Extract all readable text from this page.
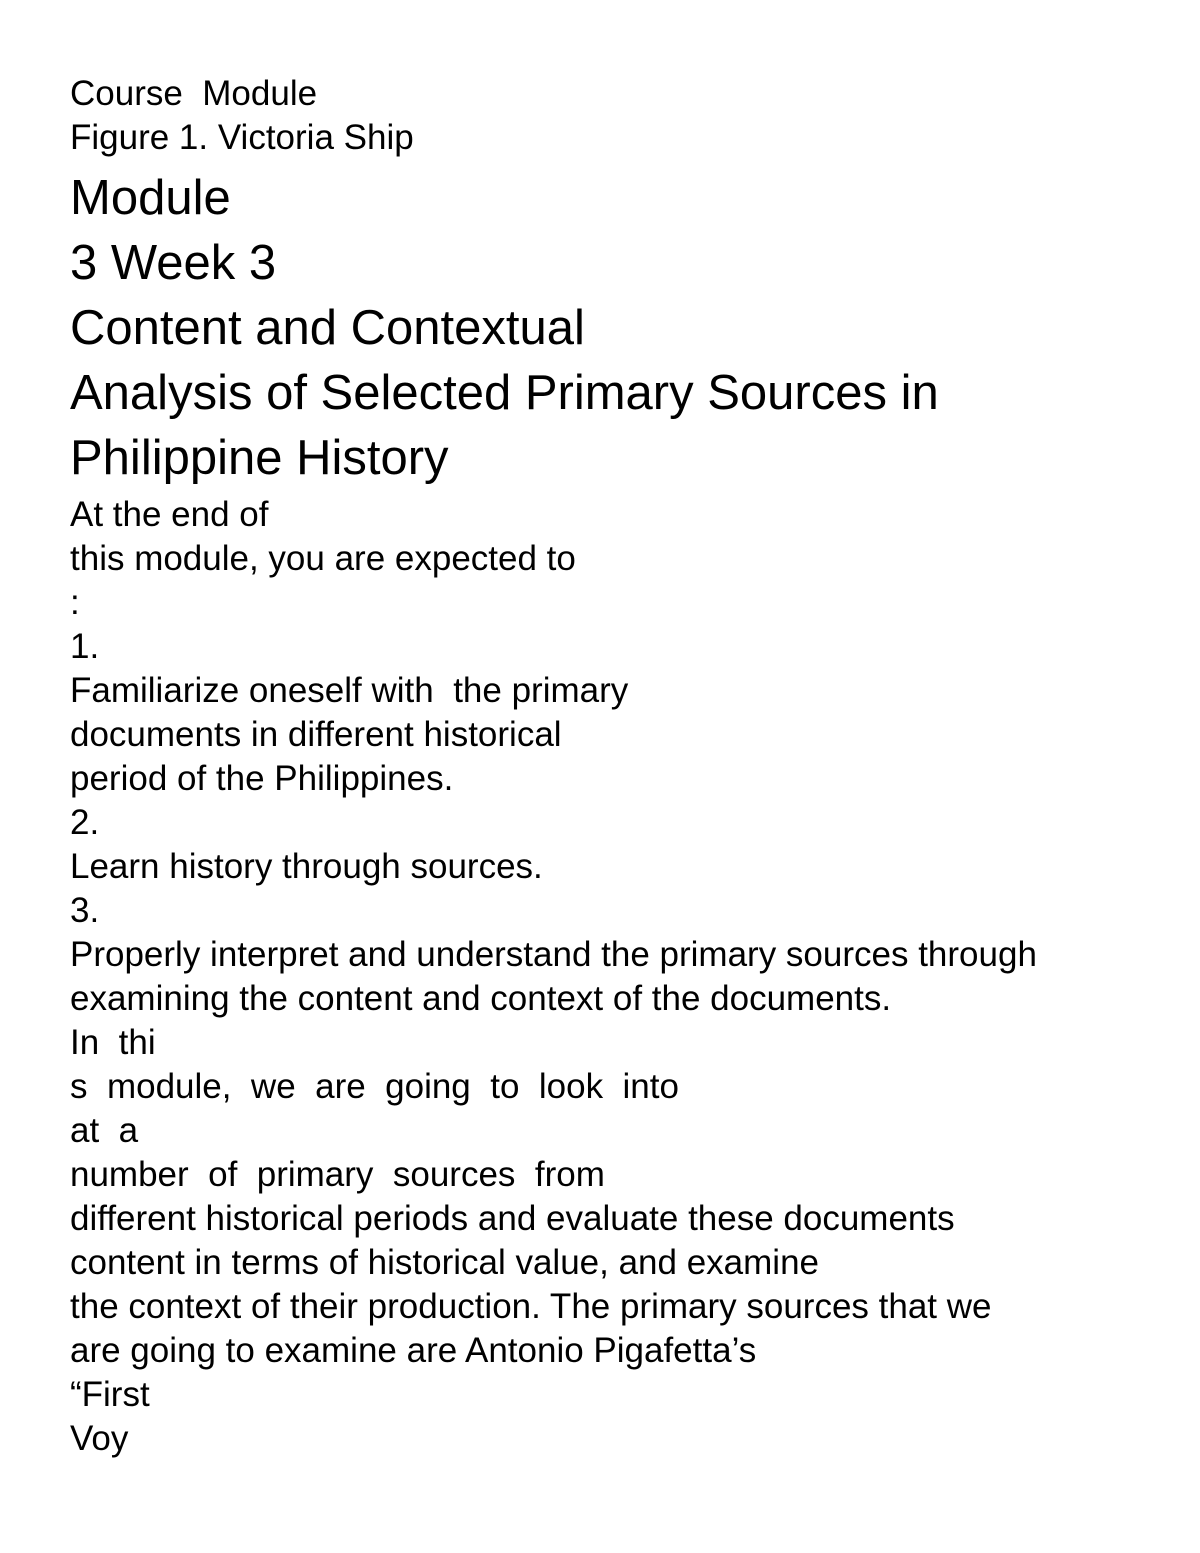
Course  Module
Figure 1. Victoria Ship
Module
3 Week 3
Content and Contextual
Analysis of Selected Primary Sources in
Philippine History
At the end of
this module, you are expected to
:
1.
Familiarize oneself with  the primary
documents in different historical
period of the Philippines.
2.
Learn history through sources.
3.
Properly interpret and understand the primary sources through
examining the content and context of the documents.
In  thi
s  module,  we  are  going  to  look  into
at  a
number  of  primary  sources  from
different historical periods and evaluate these documents
content in terms of historical value, and examine
the context of their production. The primary sources that we
are going to examine are Antonio Pigafetta’s
“First
Voy
